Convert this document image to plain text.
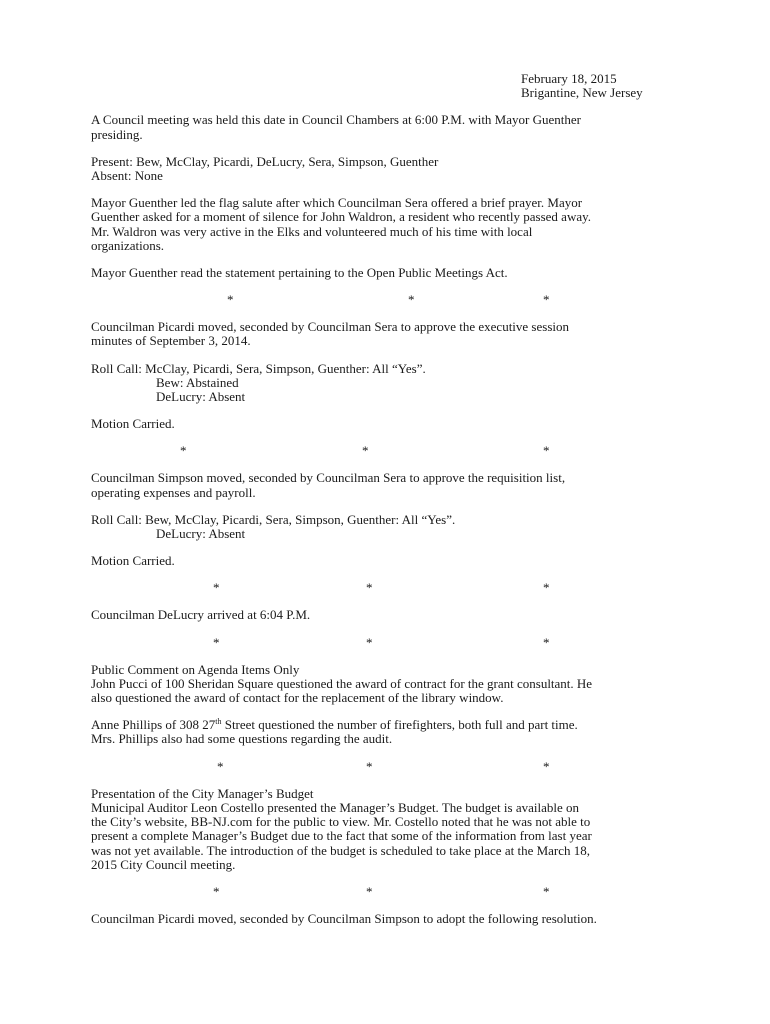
February 18, 2015
Brigantine, New Jersey
A Council meeting was held this date in Council Chambers at 6:00 P.M. with Mayor Guenther
presiding.
Present: Bew, McClay, Picardi, DeLucry, Sera, Simpson, Guenther
Absent: None
Mayor Guenther led the flag salute after which Councilman Sera offered a brief prayer. Mayor
Guenther asked for a moment of silence for John Waldron, a resident who recently passed away.
Mr. Waldron was very active in the Elks and volunteered much of his time with local
organizations.
Mayor Guenther read the statement pertaining to the Open Public Meetings Act.
*	*	*
Councilman Picardi moved, seconded by Councilman Sera to approve the executive session
minutes of September 3, 2014.
Roll Call: McClay, Picardi, Sera, Simpson, Guenther: All “Yes”.
Bew: Abstained
DeLucry: Absent
Motion Carried.
*	*	*
Councilman Simpson moved, seconded by Councilman Sera to approve the requisition list,
operating expenses and payroll.
Roll Call: Bew, McClay, Picardi, Sera, Simpson, Guenther: All “Yes”.
DeLucry: Absent
Motion Carried.
*	*	*
Councilman DeLucry arrived at 6:04 P.M.
*	*	*
Public Comment on Agenda Items Only
John Pucci of 100 Sheridan Square questioned the award of contract for the grant consultant. He
also questioned the award of contact for the replacement of the library window.
Anne Phillips of 308 27th Street questioned the number of firefighters, both full and part time.
Mrs. Phillips also had some questions regarding the audit.
*	*	*
Presentation of the City Manager’s Budget
Municipal Auditor Leon Costello presented the Manager’s Budget. The budget is available on
the City’s website, BB-NJ.com for the public to view. Mr. Costello noted that he was not able to
present a complete Manager’s Budget due to the fact that some of the information from last year
was not yet available. The introduction of the budget is scheduled to take place at the March 18,
2015 City Council meeting.
*	*	*
Councilman Picardi moved, seconded by Councilman Simpson to adopt the following resolution.
